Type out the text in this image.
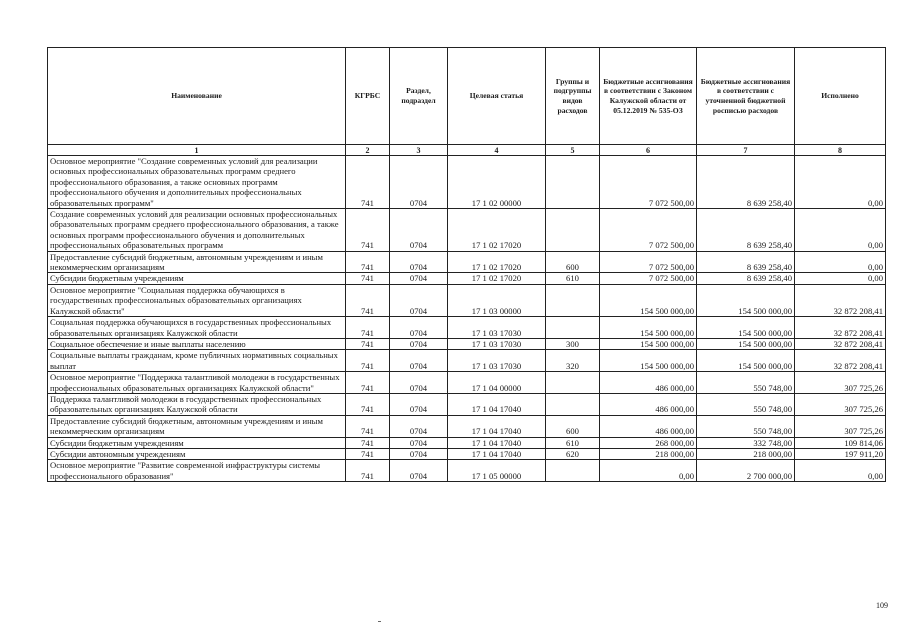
Наименование	КГРБС	Раздел, подраздел	Целевая статья	Группы и подгруппы видов расходов	Бюджетные ассигнования в соответствии с Законом Калужской области от 05.12.2019 № 535-ОЗ	Бюджетные ассигнования в соответствии с уточненной бюджетной росписью расходов	Исполнено
1	2	3	4	5	6	7	8
Основное мероприятие "Создание современных условий для реализации основных профессиональных образовательных программ среднего профессионального образования, а также основных программ профессионального обучения и дополнительных профессиональных образовательных программ"	741	0704	17 1 02 00000		7 072 500,00	8 639 258,40	0,00
Создание современных условий для реализации основных профессиональных образовательных программ среднего профессионального образования, а также основных программ профессионального обучения и дополнительных профессиональных образовательных программ	741	0704	17 1 02 17020		7 072 500,00	8 639 258,40	0,00
Предоставление субсидий бюджетным, автономным учреждениям и иным некоммерческим организациям	741	0704	17 1 02 17020	600	7 072 500,00	8 639 258,40	0,00
Субсидии бюджетным учреждениям	741	0704	17 1 02 17020	610	7 072 500,00	8 639 258,40	0,00
Основное мероприятие "Социальная поддержка обучающихся в государственных профессиональных образовательных организациях Калужской области"	741	0704	17 1 03 00000		154 500 000,00	154 500 000,00	32 872 208,41
Социальная поддержка обучающихся в государственных профессиональных образовательных организациях Калужской области	741	0704	17 1 03 17030		154 500 000,00	154 500 000,00	32 872 208,41
Социальное обеспечение и иные выплаты населению	741	0704	17 1 03 17030	300	154 500 000,00	154 500 000,00	32 872 208,41
Социальные выплаты гражданам, кроме публичных нормативных социальных выплат	741	0704	17 1 03 17030	320	154 500 000,00	154 500 000,00	32 872 208,41
Основное мероприятие "Поддержка талантливой молодежи в государственных профессиональных образовательных организациях Калужской области"	741	0704	17 1 04 00000		486 000,00	550 748,00	307 725,26
Поддержка талантливой молодежи в государственных профессиональных образовательных организациях Калужской области	741	0704	17 1 04 17040		486 000,00	550 748,00	307 725,26
Предоставление субсидий бюджетным, автономным учреждениям и иным некоммерческим организациям	741	0704	17 1 04 17040	600	486 000,00	550 748,00	307 725,26
Субсидии бюджетным учреждениям	741	0704	17 1 04 17040	610	268 000,00	332 748,00	109 814,06
Субсидии автономным учреждениям	741	0704	17 1 04 17040	620	218 000,00	218 000,00	197 911,20
Основное мероприятие "Развитие современной инфраструктуры системы профессионального образования"	741	0704	17 1 05 00000		0,00	2 700 000,00	0,00
109
